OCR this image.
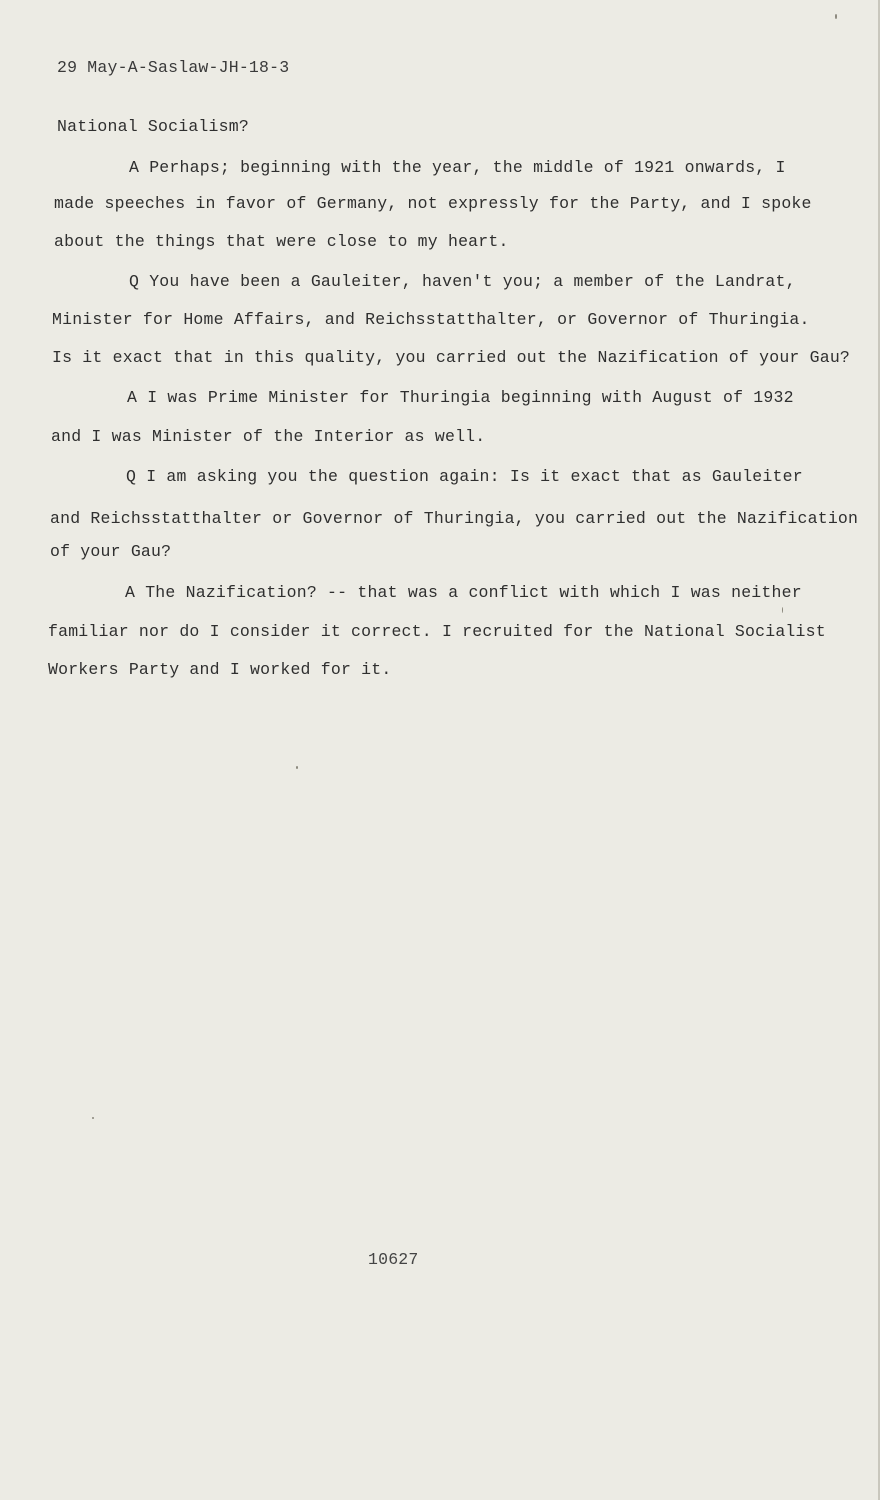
29 May-A-Saslaw-JH-18-3
National Socialism?
A Perhaps; beginning with the year, the middle of 1921 onwards, I
made speeches in favor of Germany, not expressly for the Party, and I spoke
about the things that were close to my heart.
Q You have been a Gauleiter, haven't you; a member of the Landrat,
Minister for Home Affairs, and Reichsstatthalter, or Governor of Thuringia.
Is it exact that in this quality, you carried out the Nazification of your Gau?
A I was Prime Minister for Thuringia beginning with August of 1932
and I was Minister of the Interior as well.
Q I am asking you the question again: Is it exact that as Gauleiter
and Reichsstatthalter or Governor of Thuringia, you carried out the Nazification
of your Gau?
A The Nazification? -- that was a conflict with which I was neither
familiar nor do I consider it correct. I recruited for the National Socialist
Workers Party and I worked for it.
10627
